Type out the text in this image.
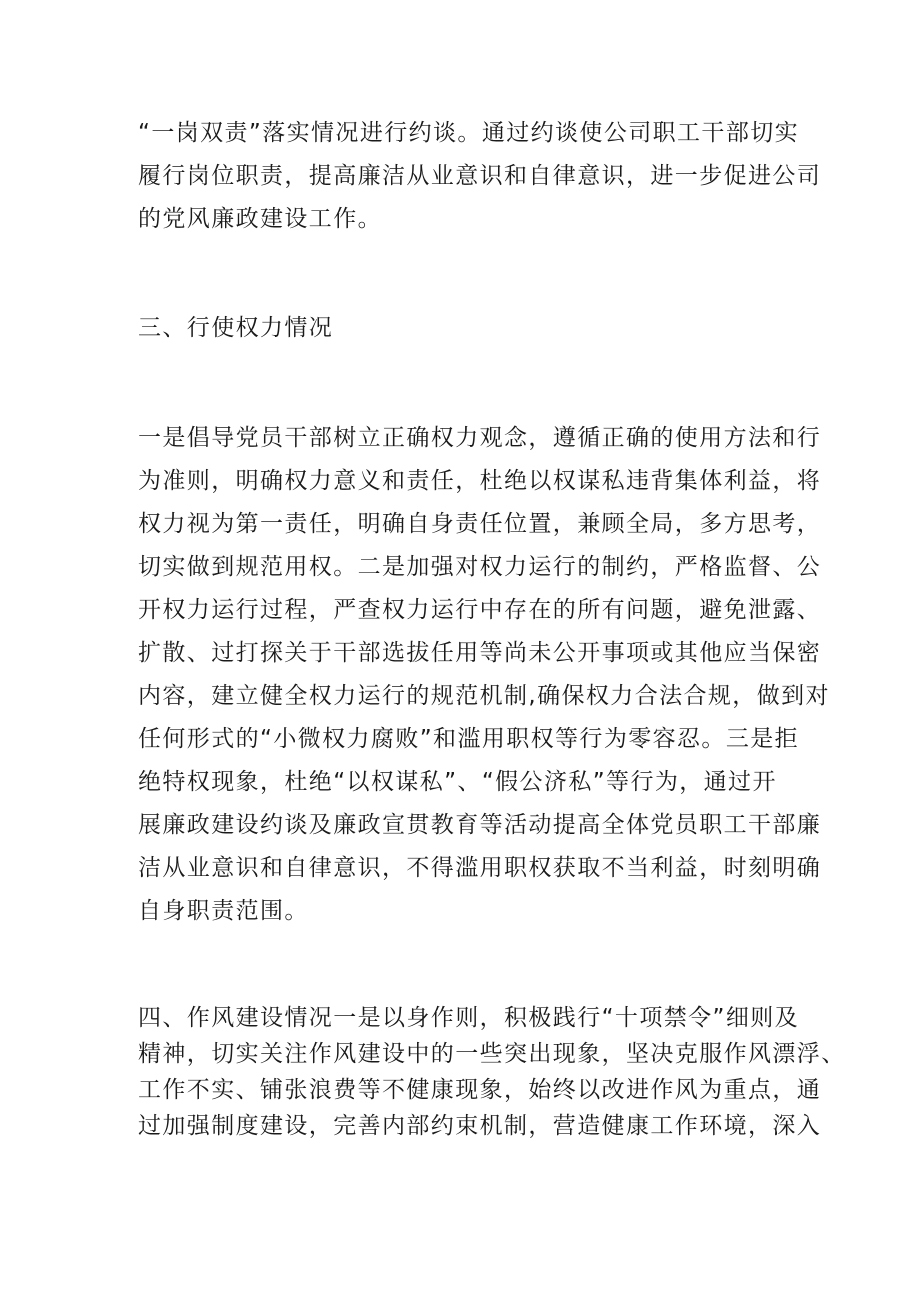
“一岗双责”落实情况进行约谈。通过约谈使公司职工干部切实
履行岗位职责，提高廉洁从业意识和自律意识，进一步促进公司
的党风廉政建设工作。
三、行使权力情况
一是倡导党员干部树立正确权力观念，遵循正确的使用方法和行
为准则，明确权力意义和责任，杜绝以权谋私违背集体利益，将
权力视为第一责任，明确自身责任位置，兼顾全局，多方思考，
切实做到规范用权。二是加强对权力运行的制约，严格监督、公
开权力运行过程，严查权力运行中存在的所有问题，避免泄露、
扩散、过打探关于干部选拔任用等尚未公开事项或其他应当保密
内容，建立健全权力运行的规范机制,确保权力合法合规，做到对
任何形式的“小微权力腐败”和滥用职权等行为零容忍。三是拒
绝特权现象，杜绝“以权谋私”、“假公济私”等行为，通过开
展廉政建设约谈及廉政宣贯教育等活动提高全体党员职工干部廉
洁从业意识和自律意识，不得滥用职权获取不当利益，时刻明确
自身职责范围。
四、作风建设情况一是以身作则，积极践行“十项禁令”细则及
精神，切实关注作风建设中的一些突出现象，坚决克服作风漂浮、
工作不实、铺张浪费等不健康现象，始终以改进作风为重点，通
过加强制度建设，完善内部约束机制，营造健康工作环境，深入
